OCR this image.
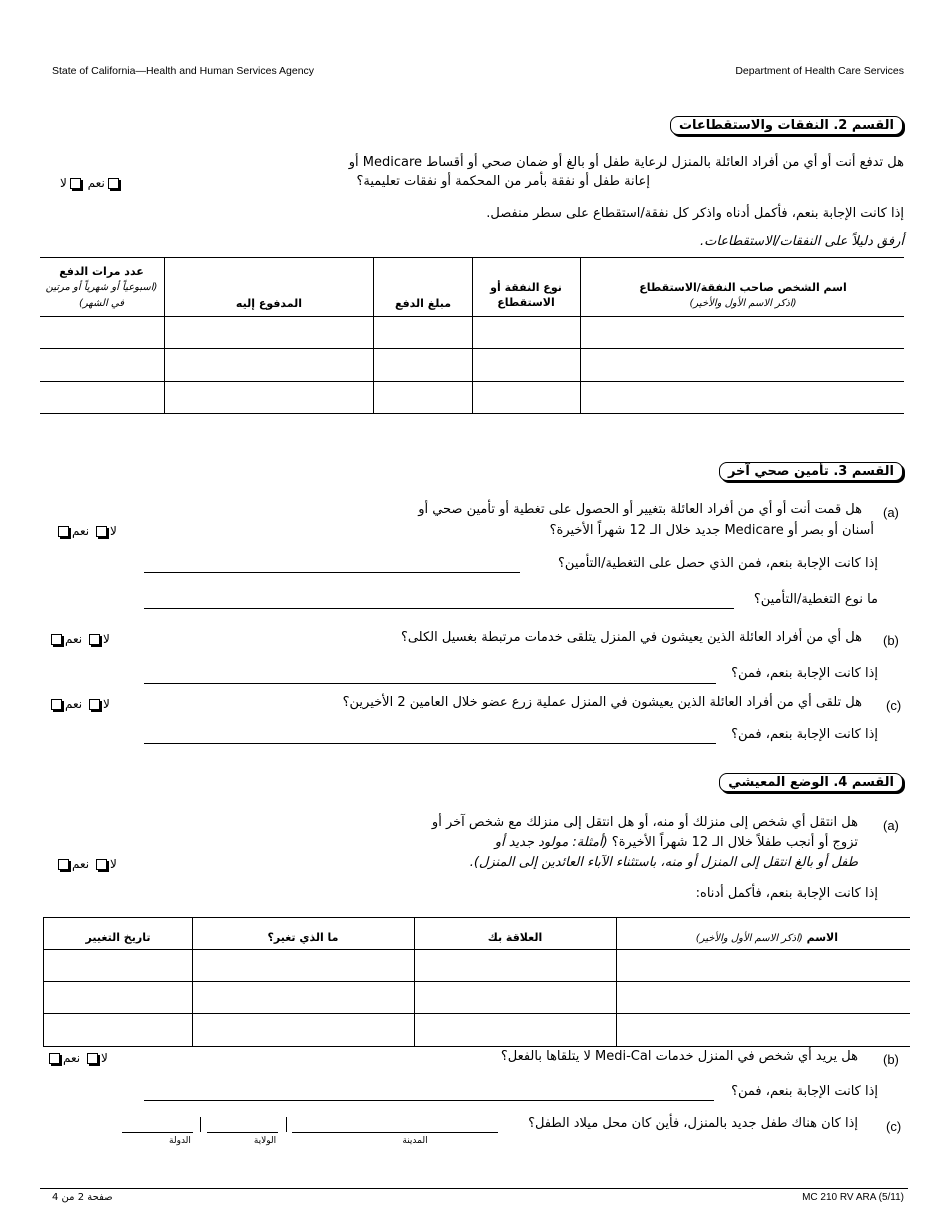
State of California—Health and Human Services Agency	Department of Health Care Services
القسم 2. النفقات والاستقطاعات
هل تدفع أنت أو أي من أفراد العائلة بالمنزل لرعاية طفل أو بالغ أو ضمان صحي أو أقساط Medicare أو
إعانة طفل أو نفقة بأمر من المحكمة أو نفقات تعليمية؟
نعم لا
إذا كانت الإجابة بنعم، فأكمل أدناه واذكر كل نفقة/استقطاع على سطر منفصل.
أرفق دليلاً على النفقات/الاستقطاعات.
اسم الشخص صاحب النفقة/الاستقطاع
(اذكر الاسم الأول والأخير)
نوع النفقة أو الاستقطاع
مبلغ الدفع
المدفوع إليه
عدد مرات الدفع
(اسبوعياً أو شهرياً أو مرتين في الشهر)
القسم 3. تأمين صحي آخر
(a)
هل قمت أنت أو أي من أفراد العائلة بتغيير أو الحصول على تغطية أو تأمين صحي أو
أسنان أو بصر أو Medicare جديد خلال الـ 12 شهراً الأخيرة؟
لا نعم
إذا كانت الإجابة بنعم، فمن الذي حصل على التغطية/التأمين؟
ما نوع التغطية/التأمين؟
(b)
هل أي من أفراد العائلة الذين يعيشون في المنزل يتلقى خدمات مرتبطة بغسيل الكلى؟
لا نعم
إذا كانت الإجابة بنعم، فمن؟
(c)
هل تلقى أي من أفراد العائلة الذين يعيشون في المنزل عملية زرع عضو خلال العامين 2 الأخيرين؟
لا نعم
إذا كانت الإجابة بنعم، فمن؟
القسم 4. الوضع المعيشي
(a)
هل انتقل أي شخص إلى منزلك أو منه، أو هل انتقل إلى منزلك مع شخص آخر أو
تزوج أو أنجب طفلاً خلال الـ 12 شهراً الأخيرة؟ (أمثلة: مولود جديد أو
طفل أو بالغ انتقل إلى المنزل أو منه، باستثناء الآباء العائدين إلى المنزل).
لا نعم
إذا كانت الإجابة بنعم، فأكمل أدناه:
الاسم (اذكر الاسم الأول والأخير)
العلاقة بك
ما الذي تغير؟
تاريخ التغيير
(b)
هل يريد أي شخص في المنزل خدمات Medi-Cal لا يتلقاها بالفعل؟
لا نعم
إذا كانت الإجابة بنعم، فمن؟
(c)
إذا كان هناك طفل جديد بالمنزل، فأين كان محل ميلاد الطفل؟
المدينة
الولاية
الدولة
صفحة 2 من 4	MC 210 RV ARA (5/11)
